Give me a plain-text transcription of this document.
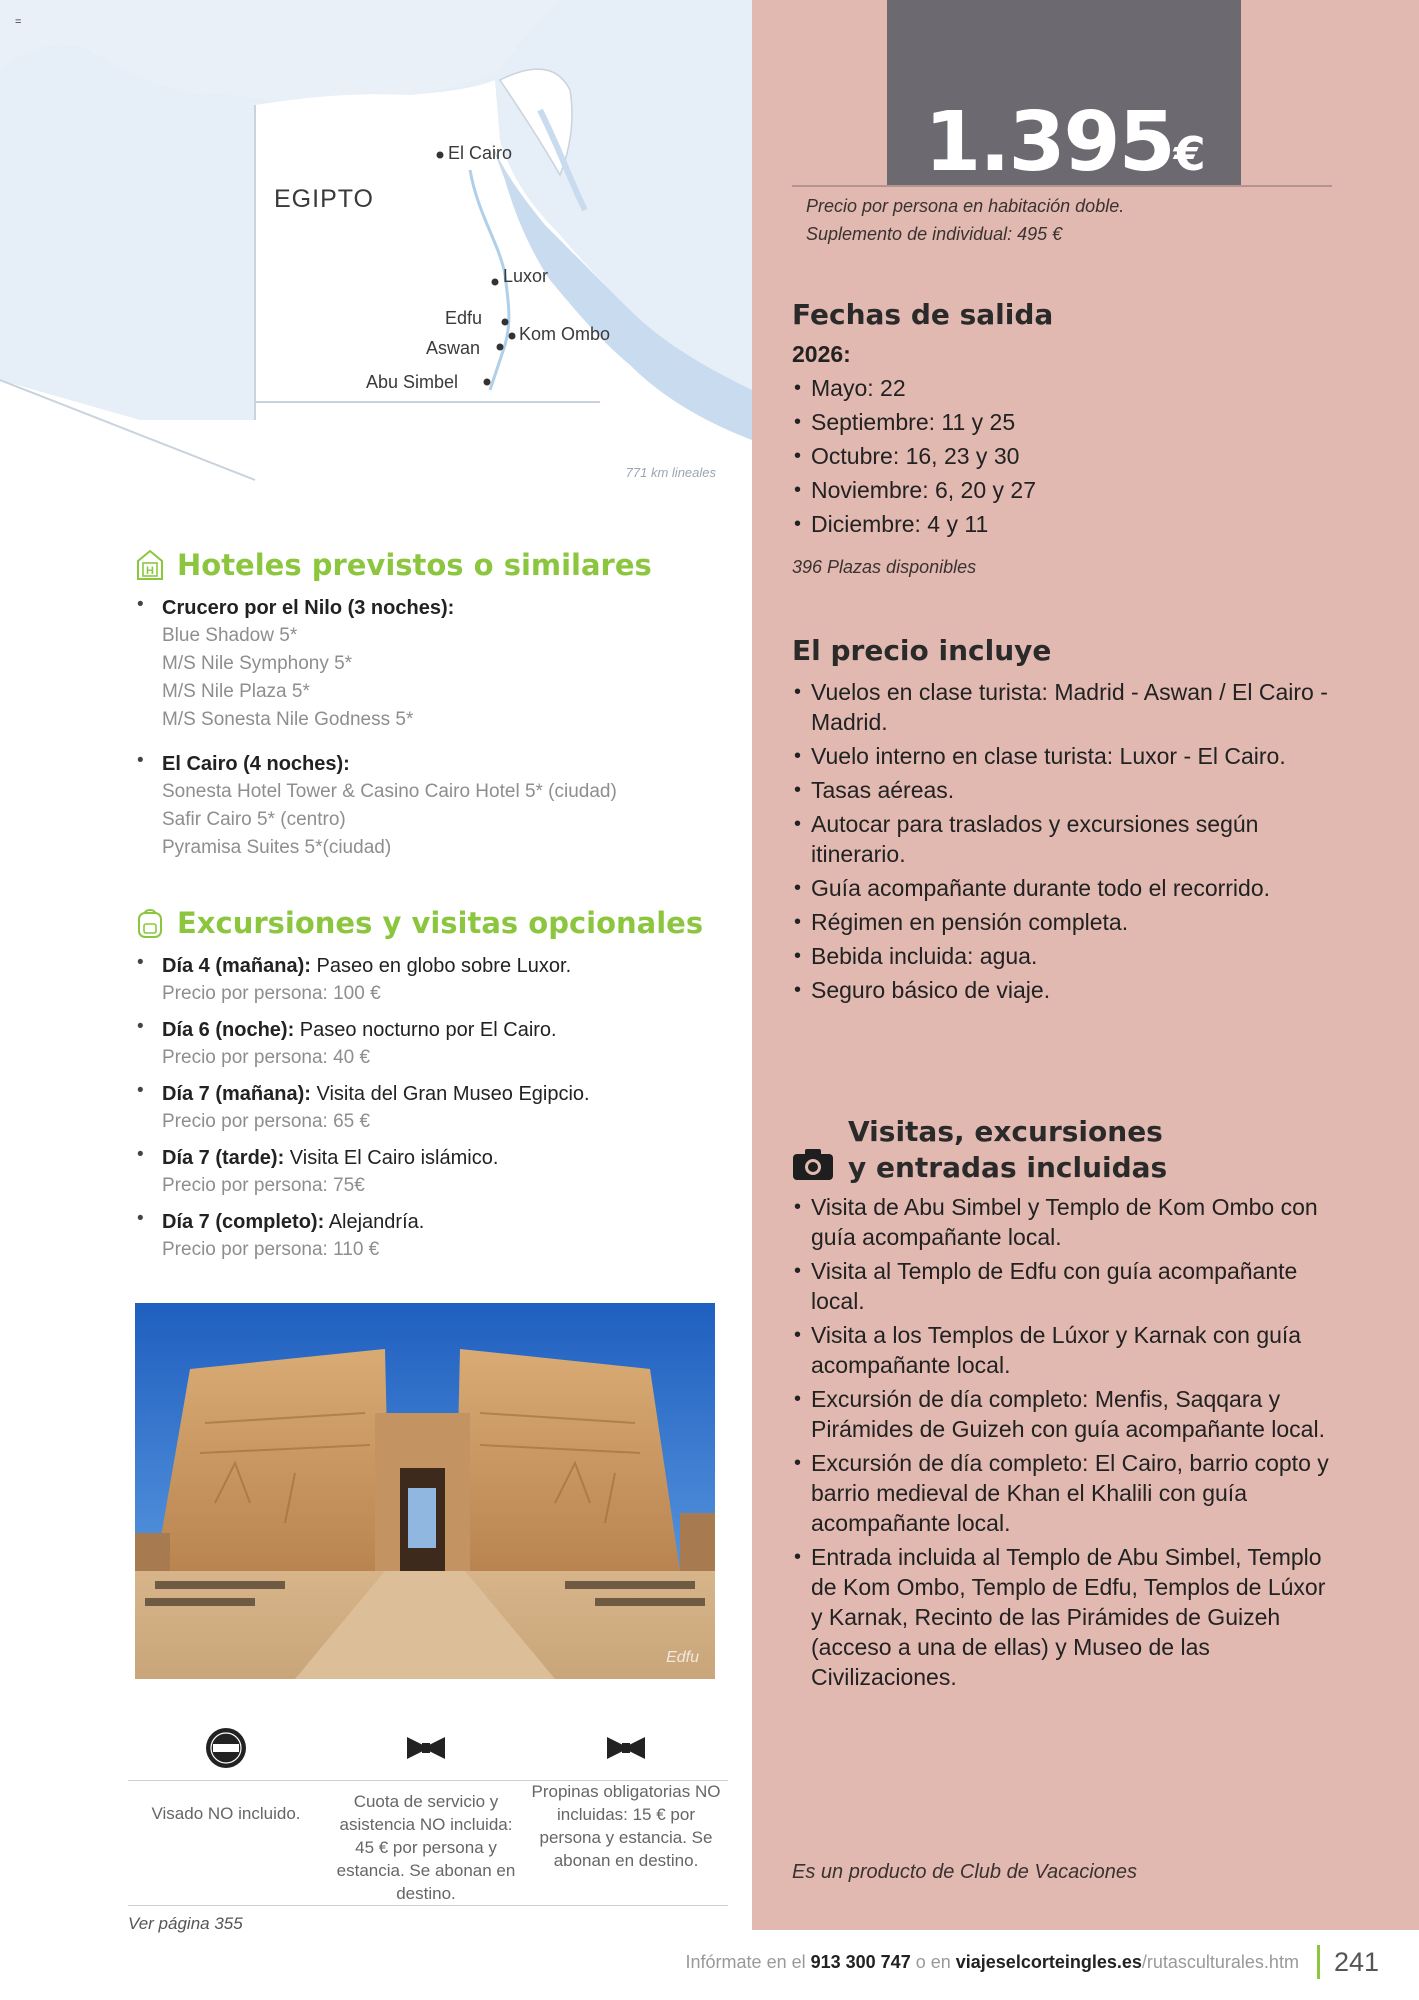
EGIPTO
El Cairo
Luxor
Edfu
Kom Ombo
Aswan
Abu Simbel
771 km lineales
=
H Hoteles previstos o similares
• Crucero por el Nilo (3 noches):
Blue Shadow 5*
M/S Nile Symphony 5*
M/S Nile Plaza 5*
M/S Sonesta Nile Godness 5*
• El Cairo (4 noches):
Sonesta Hotel Tower & Casino Cairo Hotel 5* (ciudad)
Safir Cairo 5* (centro)
Pyramisa Suites 5*(ciudad)
Excursiones y visitas opcionales
• Día 4 (mañana): Paseo en globo sobre Luxor.
Precio por persona: 100 €
• Día 6 (noche): Paseo nocturno por El Cairo.
Precio por persona: 40 €
• Día 7 (mañana): Visita del Gran Museo Egipcio.
Precio por persona: 65 €
• Día 7 (tarde): Visita El Cairo islámico.
Precio por persona: 75€
• Día 7 (completo): Alejandría.
Precio por persona: 110 €
Edfu
Visado NO incluido.
Cuota de servicio y asistencia NO incluida: 45 € por persona y estancia. Se abonan en destino.
Propinas obligatorias NO incluidas: 15 € por persona y estancia. Se abonan en destino.
Ver página 355
1.395€
Precio por persona en habitación doble.
Suplemento de individual: 495 €
Fechas de salida
2026:
• Mayo: 22
• Septiembre: 11 y 25
• Octubre: 16, 23 y 30
• Noviembre: 6, 20 y 27
• Diciembre: 4 y 11
396 Plazas disponibles
El precio incluye
• Vuelos en clase turista: Madrid - Aswan / El Cairo - Madrid.
• Vuelo interno en clase turista: Luxor - El Cairo.
• Tasas aéreas.
• Autocar para traslados y excursiones según itinerario.
• Guía acompañante durante todo el recorrido.
• Régimen en pensión completa.
• Bebida incluida: agua.
• Seguro básico de viaje.
Visitas, excursiones
y entradas incluidas
• Visita de Abu Simbel y Templo de Kom Ombo con guía acompañante local.
• Visita al Templo de Edfu con guía acompañante local.
• Visita a los Templos de Lúxor y Karnak con guía acompañante local.
• Excursión de día completo: Menfis, Saqqara y Pirámides de Guizeh con guía acompañante local.
• Excursión de día completo: El Cairo, barrio copto y barrio medieval de Khan el Khalili con guía acompañante local.
• Entrada incluida al Templo de Abu Simbel, Templo de Kom Ombo, Templo de Edfu, Templos de Lúxor y Karnak, Recinto de las Pirámides de Guizeh (acceso a una de ellas) y Museo de las Civilizaciones.
Es un producto de Club de Vacaciones
Infórmate en el 913 300 747 o en viajeselcorteingles.es/rutasculturales.htm 241
